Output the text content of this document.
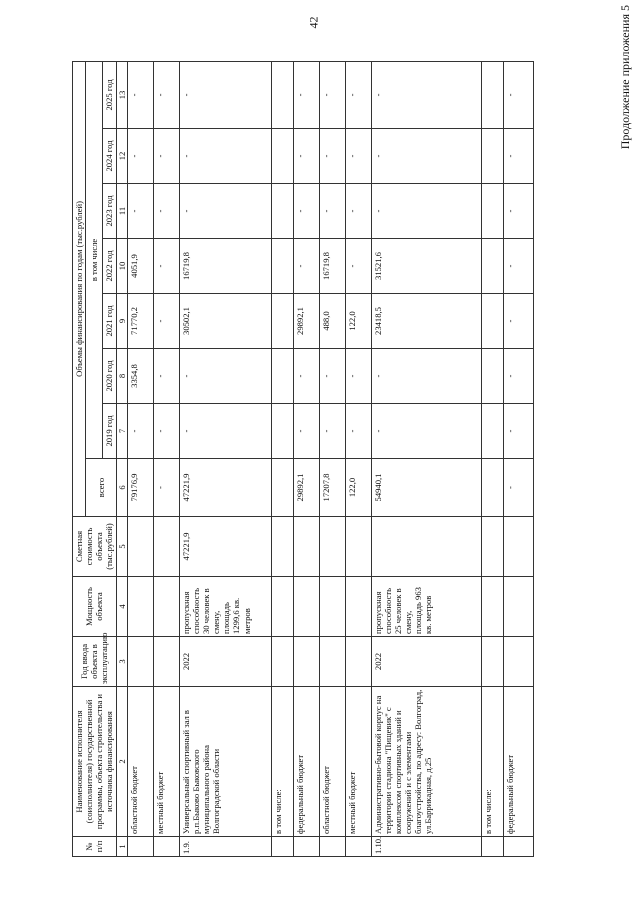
42	Продолжение приложения 5
№ п/п	Наименование исполнителя (соисполнителя) государственной программы, объекта строительства и источника финансирования	Год ввода объекта в эксплуатацию	Мощность объекта	Сметная стоимость объекта (тыс.рублей)	Объемы финансирования по годам (тыс.рублей)							
					всего	в том числе						
						2019 год	2020 год	2021 год	2022 год	2023 год	2024 год	2025 год
1	2	3	4	5	6	7	8	9	10	11	12	13
	областной бюджет				79176,9	-	3354,8	71770,2	4051,9	-	-	-
	местный бюджет				-	-	-	-	-	-	-	-
1.9.	Универсальный спортивный зал в р.п.Быково Быковского муниципального района Волгоградской области	2022	пропускная способность 30 человек в смену, площадь 1299,6 кв. метров	47221,9	47221,9	-	-	30502,1	16719,8	-	-	-
	в том числе:											
	федеральный бюджет				29892,1	-	-	29892,1	-	-	-	-
	областной бюджет				17207,8	-	-	488,0	16719,8	-	-	-
	местный бюджет				122,0	-	-	122,0	-	-	-	-
1.10.	Административно-бытовой корпус на территории стадиона "Пищевик" с комплексом спортивных зданий и сооружений и с элементами благоустройства, по адресу: Волгоград, ул.Баррикадная, д.25	2022	пропускная способность 25 человек в смену, площадь 963 кв. метров		54940,1	-	-	23418,5	31521,6	-	-	-
	в том числе:											
	федеральный бюджет				-	-	-	-	-	-	-	-
